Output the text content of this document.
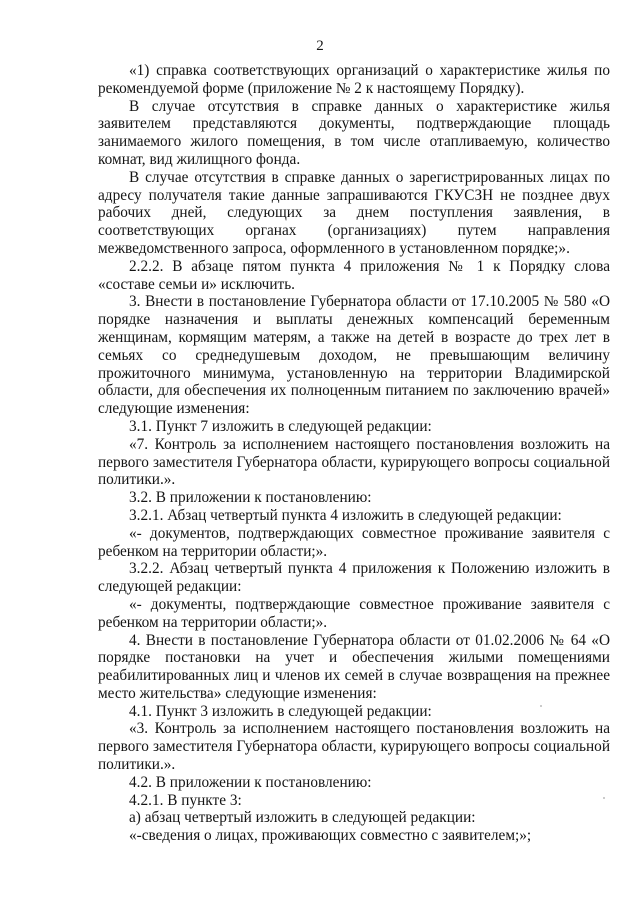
2

«1) справка соответствующих организаций о характеристике жилья по рекомендуемой форме (приложение № 2 к настоящему Порядку).

В случае отсутствия в справке данных о характеристике жилья заявителем представляются документы, подтверждающие площадь занимаемого жилого помещения, в том числе отапливаемую, количество комнат, вид жилищного фонда.

В случае отсутствия в справке данных о зарегистрированных лицах по адресу получателя такие данные запрашиваются ГКУСЗН не позднее двух рабочих дней, следующих за днем поступления заявления, в соответствующих органах (организациях) путем направления межведомственного запроса, оформленного в установленном порядке;».

2.2.2. В абзаце пятом пункта 4 приложения № 1 к Порядку слова «составе семьи и» исключить.

3. Внести в постановление Губернатора области от 17.10.2005 № 580 «О порядке назначения и выплаты денежных компенсаций беременным женщинам, кормящим матерям, а также на детей в возрасте до трех лет в семьях со среднедушевым доходом, не превышающим величину прожиточного минимума, установленную на территории Владимирской области, для обеспечения их полноценным питанием по заключению врачей» следующие изменения:

3.1. Пункт 7 изложить в следующей редакции:

«7. Контроль за исполнением настоящего постановления возложить на первого заместителя Губернатора области, курирующего вопросы социальной политики.».

3.2. В приложении к постановлению:

3.2.1. Абзац четвертый пункта 4 изложить в следующей редакции:

«- документов, подтверждающих совместное проживание заявителя с ребенком на территории области;».

3.2.2. Абзац четвертый пункта 4 приложения к Положению изложить в следующей редакции:

«- документы, подтверждающие совместное проживание заявителя с ребенком на территории области;».

4. Внести в постановление Губернатора области от 01.02.2006 № 64 «О порядке постановки на учет и обеспечения жилыми помещениями реабилитированных лиц и членов их семей в случае возвращения на прежнее место жительства» следующие изменения:

4.1. Пункт 3 изложить в следующей редакции:

«3. Контроль за исполнением настоящего постановления возложить на первого заместителя Губернатора области, курирующего вопросы социальной политики.».

4.2. В приложении к постановлению:

4.2.1. В пункте 3:

а) абзац четвертый изложить в следующей редакции:

«-сведения о лицах, проживающих совместно с заявителем;»;
